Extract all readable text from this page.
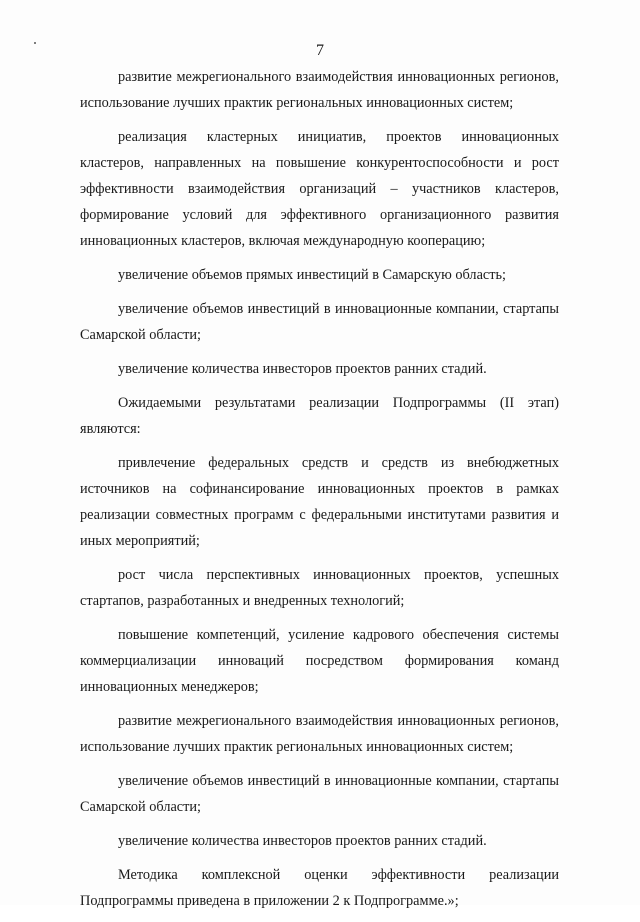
7

развитие межрегионального взаимодействия инновационных регионов, использование лучших практик региональных инновационных систем;

реализация кластерных инициатив, проектов инновационных кластеров, направленных на повышение конкурентоспособности и рост эффективности взаимодействия организаций – участников кластеров, формирование условий для эффективного организационного развития инновационных кластеров, включая международную кооперацию;

увеличение объемов прямых инвестиций в Самарскую область;

увеличение объемов инвестиций в инновационные компании, стартапы Самарской области;

увеличение количества инвесторов проектов ранних стадий.

Ожидаемыми результатами реализации Подпрограммы (II этап) являются:

привлечение федеральных средств и средств из внебюджетных источников на софинансирование инновационных проектов в рамках реализации совместных программ с федеральными институтами развития и иных мероприятий;

рост числа перспективных инновационных проектов, успешных стартапов, разработанных и внедренных технологий;

повышение компетенций, усиление кадрового обеспечения системы коммерциализации инноваций посредством формирования команд инновационных менеджеров;

развитие межрегионального взаимодействия инновационных регионов, использование лучших практик региональных инновационных систем;

увеличение объемов инвестиций в инновационные компании, стартапы Самарской области;

увеличение количества инвесторов проектов ранних стадий.

Методика комплексной оценки эффективности реализации Подпрограммы приведена в приложении 2 к Подпрограмме.»;
